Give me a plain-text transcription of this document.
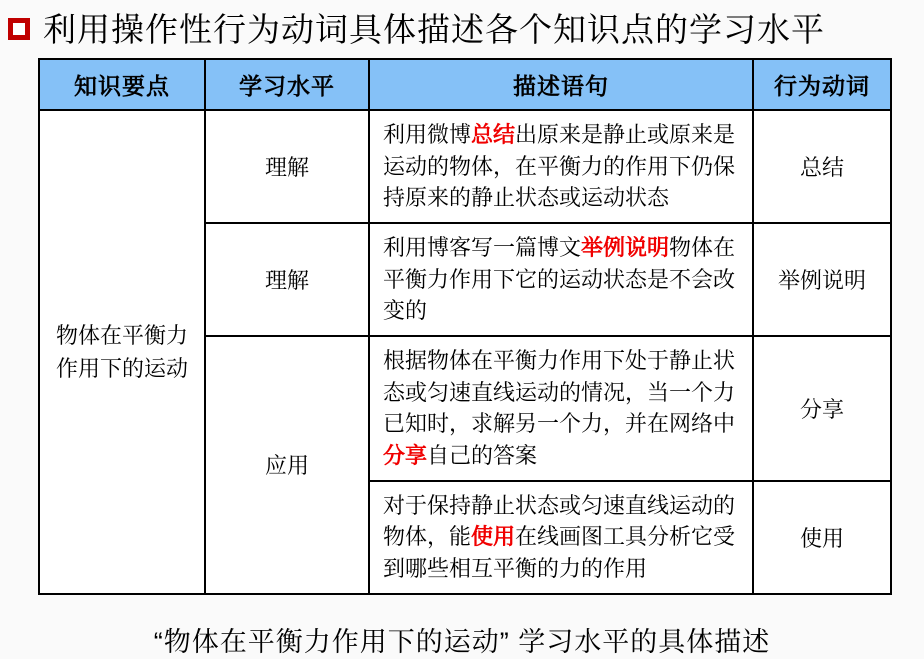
利用操作性行为动词具体描述各个知识点的学习水平
知识要点	学习水平	描述语句	行为动词
物体在平衡力作用下的运动	理解	利用微博总结出原来是静止或原来是运动的物体，在平衡力的作用下仍保持原来的静止状态或运动状态	总结
	理解	利用博客写一篇博文举例说明物体在平衡力作用下它的运动状态是不会改变的	举例说明
	应用	根据物体在平衡力作用下处于静止状态或匀速直线运动的情况，当一个力已知时，求解另一个力，并在网络中分享自己的答案	分享
		对于保持静止状态或匀速直线运动的物体，能使用在线画图工具分析它受到哪些相互平衡的力的作用	使用
“物体在平衡力作用下的运动” 学习水平的具体描述
